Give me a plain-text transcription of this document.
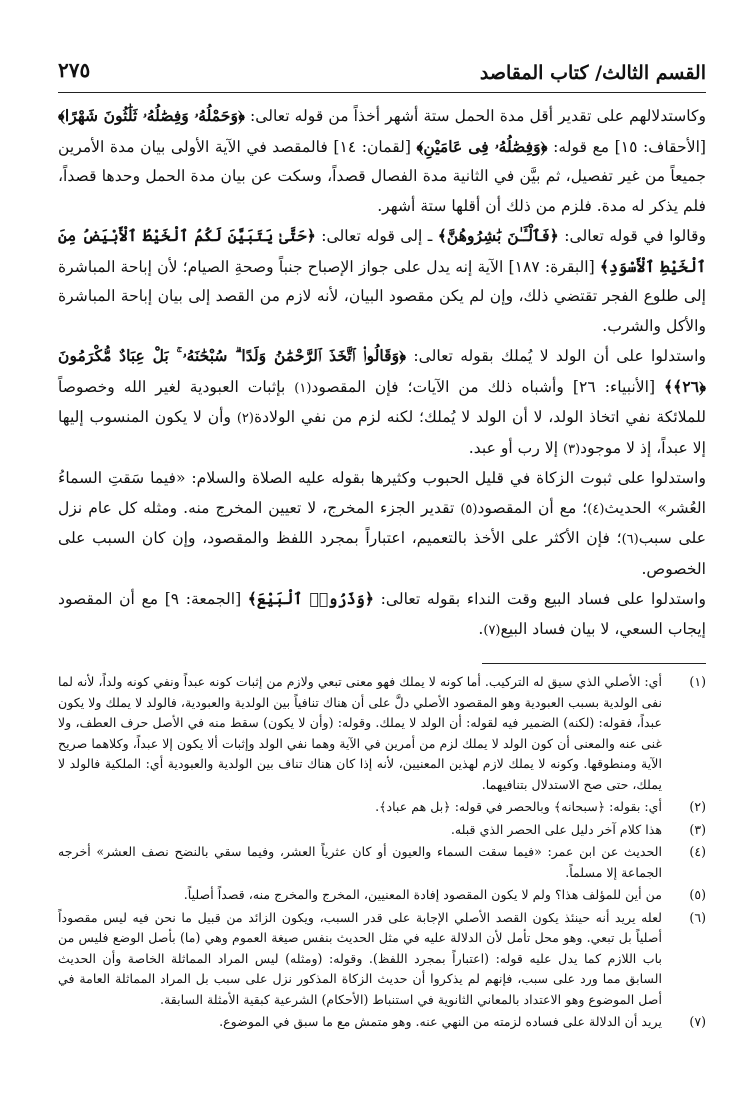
القسم الثالث/ كتاب المقاصد
٢٧٥

وكاستدلالهم على تقدير أقل مدة الحمل ستة أشهر أخذاً من قوله تعالى: ﴿وَحَمْلُهُۥ وَفِصَٰلُهُۥ ثَلَٰثُونَ شَهْرًا﴾ [الأحقاف: ١٥] مع قوله: ﴿وَفِصَٰلُهُۥ فِى عَامَيْنِ﴾ [لقمان: ١٤] فالمقصد في الآية الأولى بيان مدة الأمرين جميعاً من غير تفصيل، ثم بيَّن في الثانية مدة الفصال قصداً، وسكت عن بيان مدة الحمل وحدها قصداً، فلم يذكر له مدة. فلزم من ذلك أن أقلها ستة أشهر.

وقالوا في قوله تعالى: ﴿فَٱلْـَٔـٰنَ بَٰشِرُوهُنَّ﴾ ـ إلى قوله تعالى: ﴿حَتَّىٰ يَتَبَيَّنَ لَكُمُ ٱلْخَيْطُ ٱلْأَبْيَضُ مِنَ ٱلْخَيْطِ ٱلْأَسْوَدِ﴾ [البقرة: ١٨٧] الآية إنه يدل على جواز الإصباح جنباً وصحةِ الصيام؛ لأن إباحة المباشرة إلى طلوع الفجر تقتضي ذلك، وإن لم يكن مقصود البيان، لأنه لازم من القصد إلى بيان إباحة المباشرة والأكل والشرب.

واستدلوا على أن الولد لا يُملك بقوله تعالى: ﴿وَقَالُوا۟ ٱتَّخَذَ ٱلرَّحْمَٰنُ وَلَدًا ۗ سُبْحَٰنَهُۥ ۚ بَلْ عِبَادٌ مُّكْرَمُونَ ﴿٢٦﴾﴾ [الأنبياء: ٢٦] وأشباه ذلك من الآيات؛ فإن المقصود(١) بإثبات العبودية لغير الله وخصوصاً للملائكة نفي اتخاذ الولد، لا أن الولد لا يُملك؛ لكنه لزم من نفي الولادة(٢) وأن لا يكون المنسوب إليها إلا عبداً، إذ لا موجود(٣) إلا رب أو عبد.

واستدلوا على ثبوت الزكاة في قليل الحبوب وكثيرها بقوله عليه الصلاة والسلام: «فيما سَقتِ السماءُ العُشر» الحديث(٤)؛ مع أن المقصود(٥) تقدير الجزء المخرج، لا تعيين المخرج منه. ومثله كل عام نزل على سبب(٦)؛ فإن الأكثر على الأخذ بالتعميم، اعتباراً بمجرد اللفظ والمقصود، وإن كان السبب على الخصوص.

واستدلوا على فساد البيع وقت النداء بقوله تعالى: ﴿وَذَرُوا۟ ٱلْبَيْعَ﴾ [الجمعة: ٩] مع أن المقصود إيجاب السعي، لا بيان فساد البيع(٧).

(١)
أي: الأصلي الذي سيق له التركيب. أما كونه لا يملك فهو معنى تبعي ولازم من إثبات كونه عبداً ونفي كونه ولداً، لأنه لما نفى الولدية بسبب العبودية وهو المقصود الأصلي دلَّ على أن هناك تنافياً بين الولدية والعبودية، فالولد لا يملك ولا يكون عبداً، فقوله: (لكنه) الضمير فيه لقوله: أن الولد لا يملك. وقوله: (وأن لا يكون) سقط منه في الأصل حرف العطف، ولا غنى عنه والمعنى أن كون الولد لا يملك لزم من أمرين في الآية وهما نفي الولد وإثبات ألا يكون إلا عبداً، وكلاهما صريح الآية ومنطوقها. وكونه لا يملك لازم لهذين المعنيين، لأنه إذا كان هناك تناف بين الولدية والعبودية أي: الملكية فالولد لا يملك، حتى صح الاستدلال بتنافيهما.
(٢)
أي: بقوله: ﴿سبحانه﴾ وبالحصر في قوله: ﴿بل هم عباد﴾.
(٣)
هذا كلام آخر دليل على الحصر الذي قبله.
(٤)
الحديث عن ابن عمر: «فيما سقت السماء والعيون أو كان عثرياً العشر، وفيما سقي بالنضح نصف العشر» أخرجه الجماعة إلا مسلماً.
(٥)
من أين للمؤلف هذا؟ ولم لا يكون المقصود إفادة المعنيين، المخرج والمخرج منه، قصداً أصلياً.
(٦)
لعله يريد أنه حينئذ يكون القصد الأصلي الإجابة على قدر السبب، ويكون الزائد من قبيل ما نحن فيه ليس مقصوداً أصلياً بل تبعي. وهو محل تأمل لأن الدلالة عليه في مثل الحديث بنفس صيغة العموم وهي (ما) بأصل الوضع فليس من باب اللازم كما يدل عليه قوله: (اعتباراً بمجرد اللفظ). وقوله: (ومثله) ليس المراد المماثلة الخاصة وأن الحديث السابق مما ورد على سبب، فإنهم لم يذكروا أن حديث الزكاة المذكور نزل على سبب بل المراد المماثلة العامة في أصل الموضوع وهو الاعتداد بالمعاني الثانوية في استنباط (الأحكام) الشرعية كبقية الأمثلة السابقة.
(٧)
يريد أن الدلالة على فساده لزمته من النهي عنه. وهو متمش مع ما سبق في الموضوع.
